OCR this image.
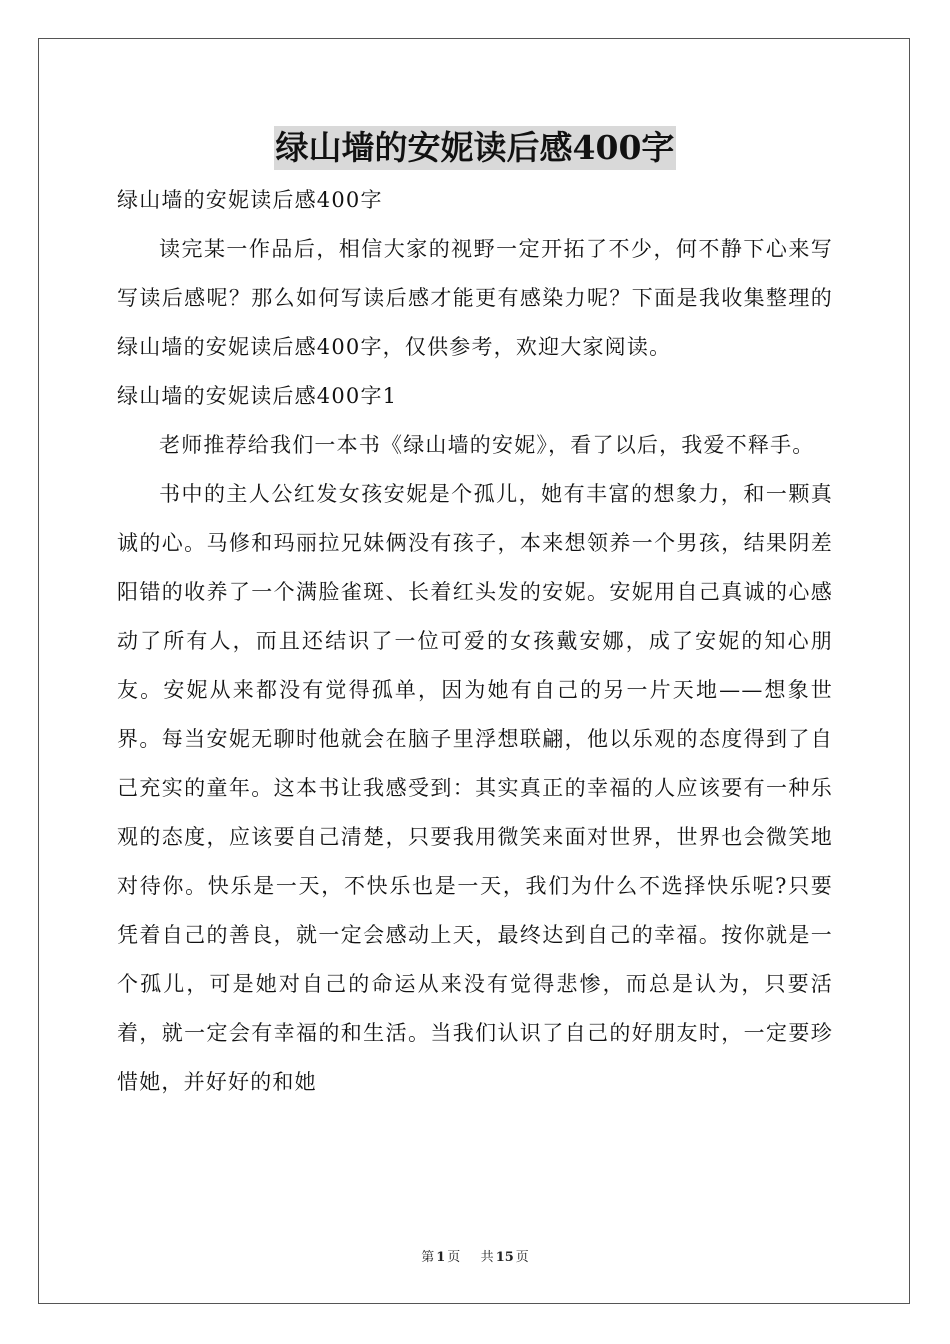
绿山墙的安妮读后感400字

绿山墙的安妮读后感400字

读完某一作品后，相信大家的视野一定开拓了不少，何不静下心来写写读后感呢？那么如何写读后感才能更有感染力呢？下面是我收集整理的绿山墙的安妮读后感400字，仅供参考，欢迎大家阅读。

绿山墙的安妮读后感400字1

老师推荐给我们一本书《绿山墙的安妮》，看了以后，我爱不释手。

书中的主人公红发女孩安妮是个孤儿，她有丰富的想象力，和一颗真诚的心。马修和玛丽拉兄妹俩没有孩子，本来想领养一个男孩，结果阴差阳错的收养了一个满脸雀斑、长着红头发的安妮。安妮用自己真诚的心感动了所有人，而且还结识了一位可爱的女孩戴安娜，成了安妮的知心朋友。安妮从来都没有觉得孤单，因为她有自己的另一片天地——想象世界。每当安妮无聊时他就会在脑子里浮想联翩，他以乐观的态度得到了自己充实的童年。这本书让我感受到：其实真正的幸福的人应该要有一种乐观的态度，应该要自己清楚，只要我用微笑来面对世界，世界也会微笑地对待你。快乐是一天，不快乐也是一天，我们为什么不选择快乐呢?只要凭着自己的善良，就一定会感动上天，最终达到自己的幸福。按你就是一个孤儿，可是她对自己的命运从来没有觉得悲惨，而总是认为，只要活着，就一定会有幸福的和生活。当我们认识了自己的好朋友时，一定要珍惜她，并好好的和她

第 1 页 共 15 页
